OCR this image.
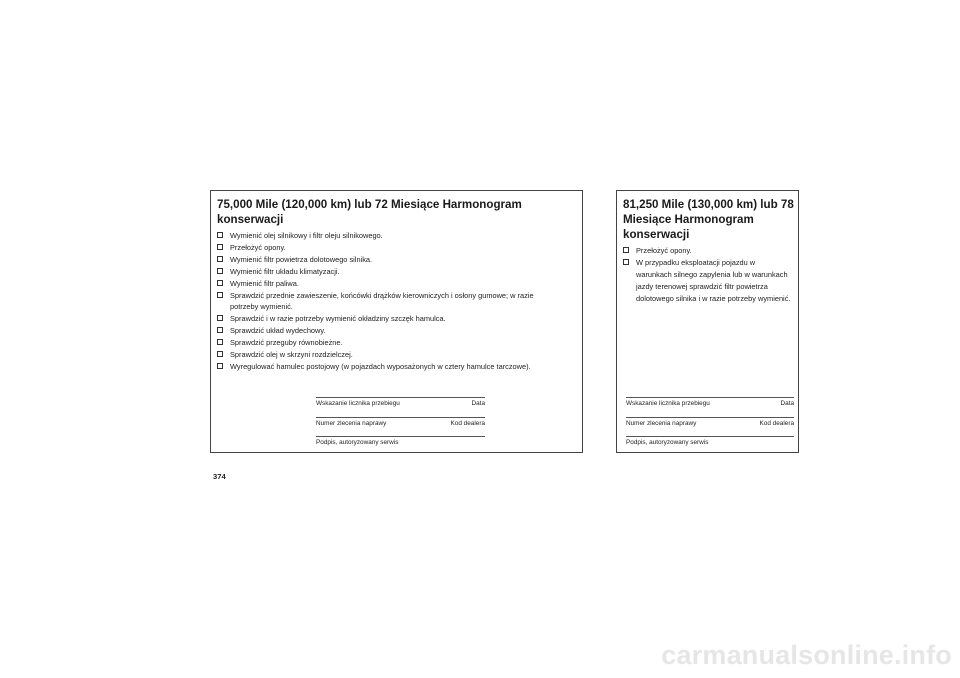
75,000 Mile (120,000 km) lub 72 Miesiące Harmonogram konserwacji
Wymienić olej silnikowy i filtr oleju silnikowego.
Przełożyć opony.
Wymienić filtr powietrza dolotowego silnika.
Wymienić filtr układu klimatyzacji.
Wymienić filtr paliwa.
Sprawdzić przednie zawieszenie, końcówki drążków kierowniczych i osłony gumowe; w razie potrzeby wymienić.
Sprawdzić i w razie potrzeby wymienić okładziny szczęk hamulca.
Sprawdzić układ wydechowy.
Sprawdzić przeguby równobieżne.
Sprawdzić olej w skrzyni rozdzielczej.
Wyregulować hamulec postojowy (w pojazdach wyposażonych w cztery hamulce tarczowe).
Wskazanie licznika przebiegu	Data
Numer zlecenia naprawy	Kod dealera
Podpis, autoryzowany serwis
81,250 Mile (130,000 km) lub 78 Miesiące Harmonogram konserwacji
Przełożyć opony.
W przypadku eksploatacji pojazdu w warunkach silnego zapylenia lub w warunkach jazdy terenowej sprawdzić filtr powietrza dolotowego silnika i w razie potrzeby wymienić.
Wskazanie licznika przebiegu	Data
Numer zlecenia naprawy	Kod dealera
Podpis, autoryzowany serwis
374
carmanualsonline.info
